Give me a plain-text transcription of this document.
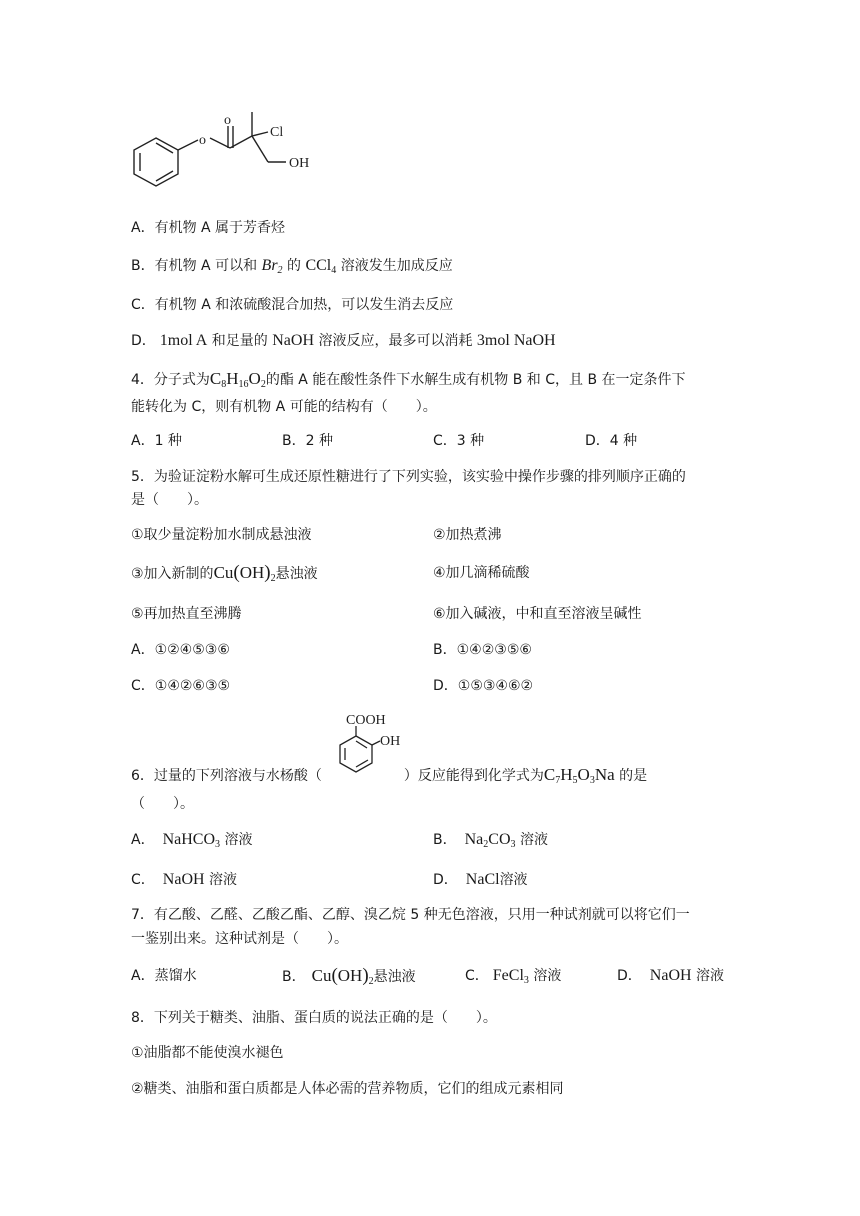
o
o
Cl
OH
A．有机物 A 属于芳香烃
B．有机物 A 可以和 $Br_2$ 的 CCl$_4$ 溶液发生加成反应
C．有机物 A 和浓硫酸混合加热，可以发生消去反应
D． 1mol A 和足量的 NaOH 溶液反应，最多可以消耗 3mol NaOH
4．分子式为$C_8H_{16}O_2$的酯 A 能在酸性条件下水解生成有机物 B 和 C，且 B 在一定条件下
能转化为 C，则有机物 A 可能的结构有（　　）。
A．1 种	B．2 种	C．3 种	D．4 种
5．为验证淀粉水解可生成还原性糖进行了下列实验，该实验中操作步骤的排列顺序正确的
是（　　）。
①取少量淀粉加水制成悬浊液	②加热煮沸
③加入新制的$Cu(OH)_2$悬浊液	④加几滴稀硫酸
⑤再加热直至沸腾	⑥加入碱液，中和直至溶液呈碱性
A．①②④⑤③⑥	B．①④②③⑤⑥
C．①④②⑥③⑤	D．①⑤③④⑥②
COOH
OH
6．过量的下列溶液与水杨酸（	）反应能得到化学式为$C_7H_5O_3Na$ 的是
（　　）。
A． NaHCO$_3$ 溶液	B． $Na_2CO_3$ 溶液
C． NaOH 溶液	D． NaCl溶液
7．有乙酸、乙醛、乙酸乙酯、乙醇、溴乙烷 5 种无色溶液，只用一种试剂就可以将它们一
一鉴别出来。这种试剂是（　　）。
A．蒸馏水	B． $Cu(OH)_2$悬浊液	C． FeCl$_3$ 溶液	D． NaOH 溶液
8．下列关于糖类、油脂、蛋白质的说法正确的是（　　）。
①油脂都不能使溴水褪色
②糖类、油脂和蛋白质都是人体必需的营养物质，它们的组成元素相同
